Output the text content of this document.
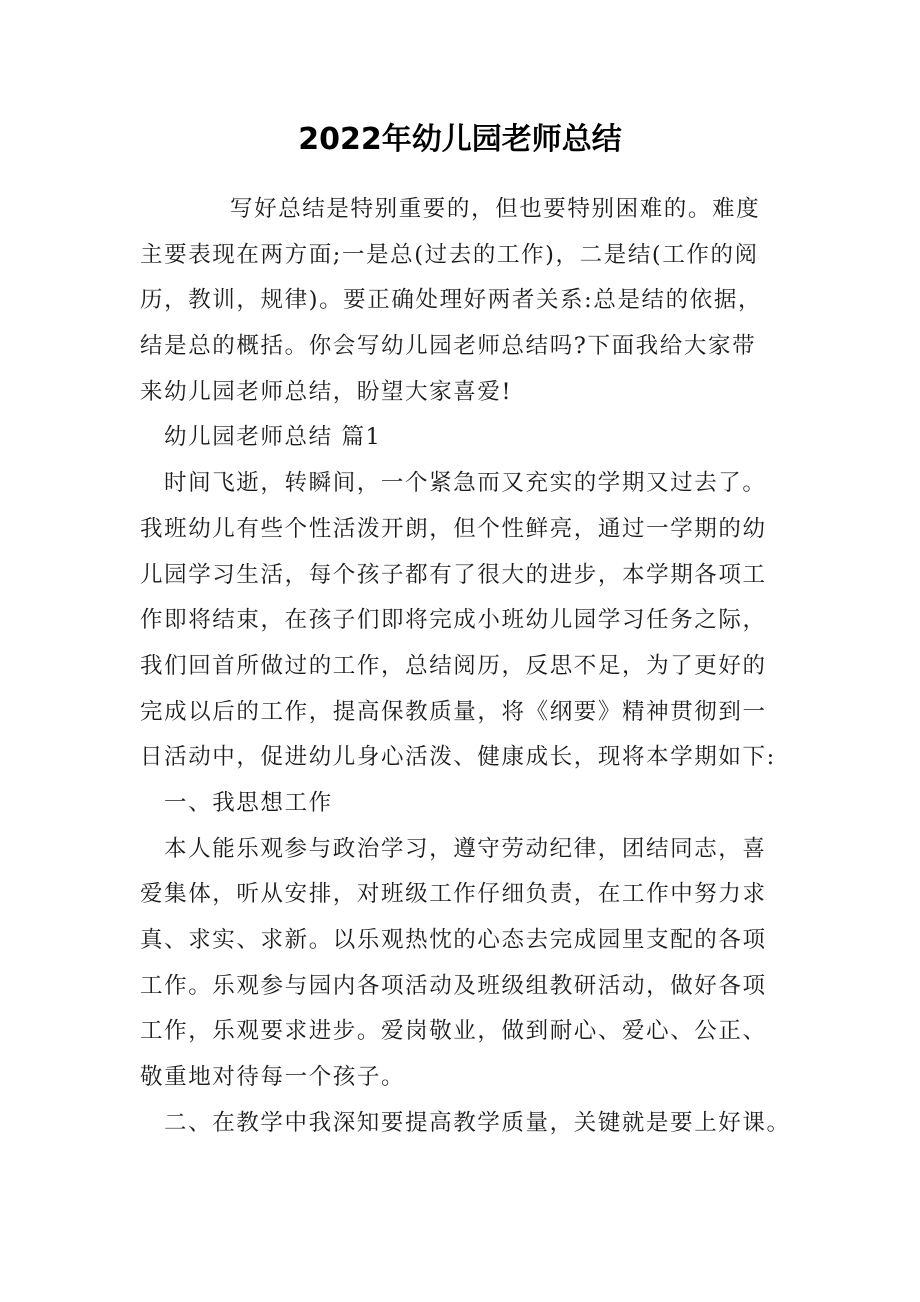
2022年幼儿园老师总结
写好总结是特别重要的，但也要特别困难的。难度
主要表现在两方面;一是总(过去的工作)，二是结(工作的阅
历，教训，规律)。要正确处理好两者关系:总是结的依据，
结是总的概括。你会写幼儿园老师总结吗?下面我给大家带
来幼儿园老师总结，盼望大家喜爱!
幼儿园老师总结 篇1
时间飞逝，转瞬间，一个紧急而又充实的学期又过去了。
我班幼儿有些个性活泼开朗，但个性鲜亮，通过一学期的幼
儿园学习生活，每个孩子都有了很大的进步，本学期各项工
作即将结束，在孩子们即将完成小班幼儿园学习任务之际，
我们回首所做过的工作，总结阅历，反思不足，为了更好的
完成以后的工作，提高保教质量，将《纲要》精神贯彻到一
日活动中，促进幼儿身心活泼、健康成长，现将本学期如下:
一、我思想工作
本人能乐观参与政治学习，遵守劳动纪律，团结同志，喜
爱集体，听从安排，对班级工作仔细负责，在工作中努力求
真、求实、求新。以乐观热忱的心态去完成园里支配的各项
工作。乐观参与园内各项活动及班级组教研活动，做好各项
工作，乐观要求进步。爱岗敬业，做到耐心、爱心、公正、
敬重地对待每一个孩子。
二、在教学中我深知要提高教学质量，关键就是要上好课。
